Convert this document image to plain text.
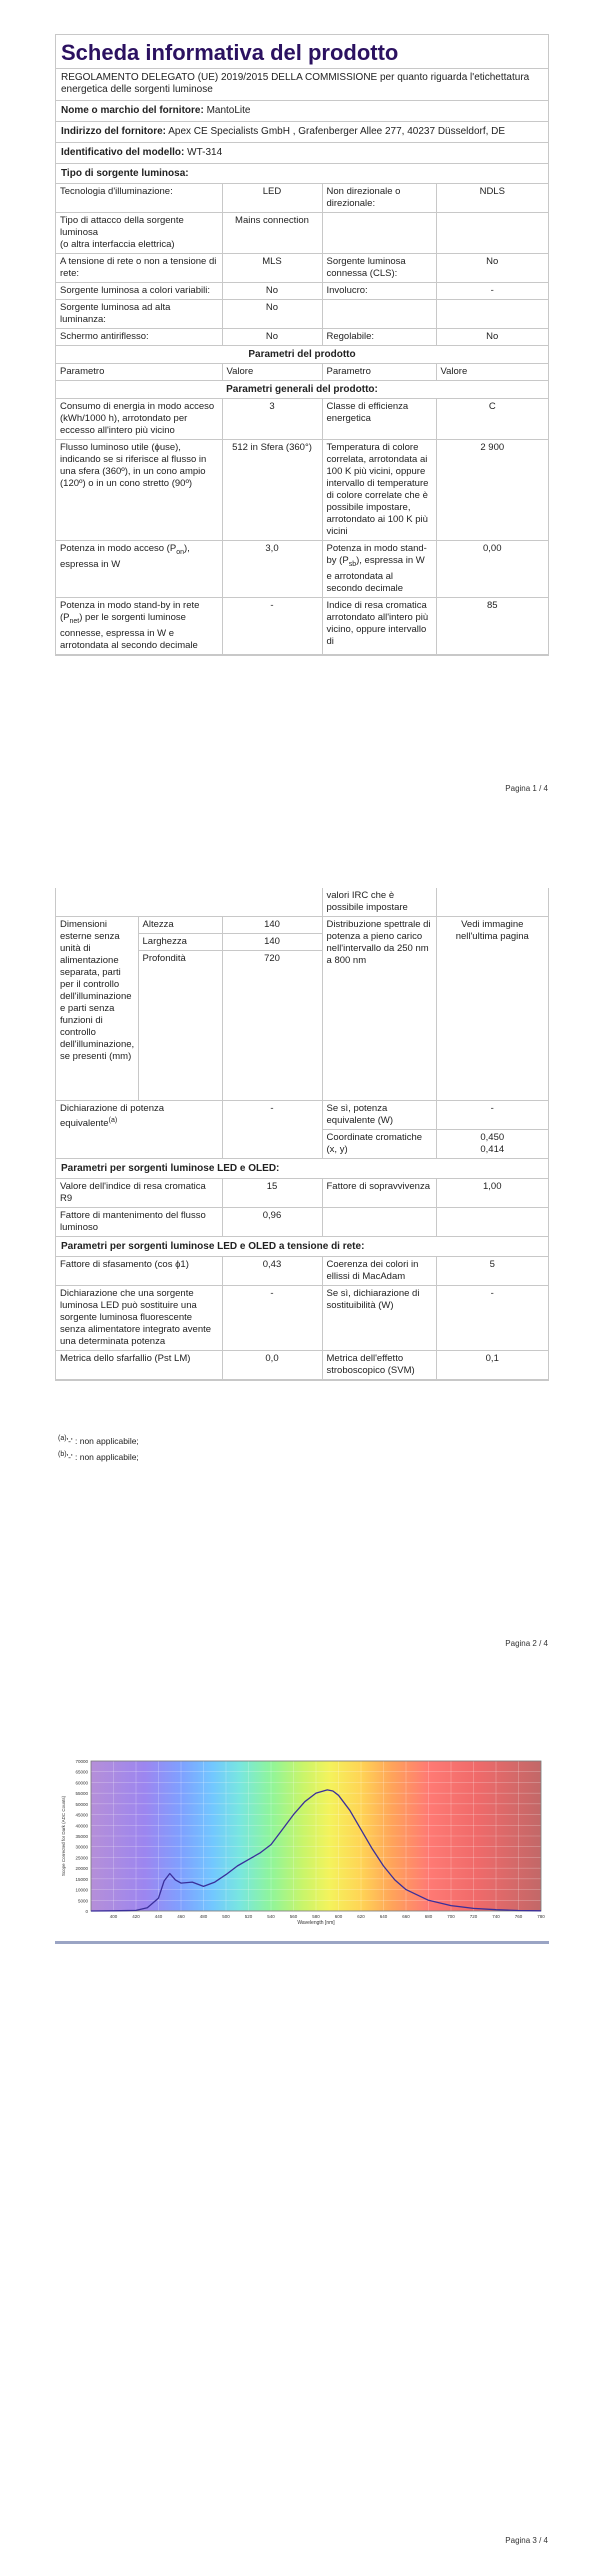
Scheda informativa del prodotto
REGOLAMENTO DELEGATO (UE) 2019/2015 DELLA COMMISSIONE per quanto riguarda l'etichettatura energetica delle sorgenti luminose
Nome o marchio del fornitore: MantoLite
Indirizzo del fornitore: Apex CE Specialists GmbH , Grafenberger Allee 277, 40237 Düsseldorf, DE
Identificativo del modello: WT-314
Tipo di sorgente luminosa:
Tecnologia d'illuminazione:	LED	Non direzionale o direzionale:	NDLS
Tipo di attacco della sorgente luminosa
(o altra interfaccia elettrica)	Mains connection		
A tensione di rete o non a tensione di rete:	MLS	Sorgente luminosa connessa (CLS):	No
Sorgente luminosa a colori variabili:	No	Involucro:	-
Sorgente luminosa ad alta luminanza:	No		
Schermo antiriflesso:	No	Regolabile:	No
Parametri del prodotto
Parametro	Valore	Parametro	Valore
Parametri generali del prodotto:
Consumo di energia in modo acceso (kWh/1000 h), arrotondato per eccesso all'intero più vicino	3	Classe di efficienza energetica	C
Flusso luminoso utile (ϕuse), indicando se si riferisce al flusso in una sfera (360º), in un cono ampio (120º) o in un cono stretto (90º)	512 in Sfera (360°)	Temperatura di colore correlata, arrotondata ai 100 K più vicini, oppure intervallo di temperature di colore correlate che è possibile impostare, arrotondato ai 100 K più vicini	2 900
Potenza in modo acceso $(P_{on})$, espressa in W	3,0	Potenza in modo stand-by $(P_{sb})$, espressa in W e arrotondata al secondo decimale	0,00
Potenza in modo stand-by in rete $(P_{net})$ per le sorgenti luminose connesse, espressa in W e arrotondata al secondo decimale	-	Indice di resa cromatica arrotondato all'intero più vicino, oppure intervallo di	85
Pagina 1 / 4
			valori IRC che è possibile impostare	
Dimensioni esterne senza unità di alimentazione separata, parti per il controllo dell'illuminazione e parti senza funzioni di controllo dell'illuminazione, se presenti (mm)	Altezza	140	Distribuzione spettrale di potenza a pieno carico nell'intervallo da 250 nm a 800 nm	Vedi immagine nell'ultima pagina
	Larghezza	140		
	Profondità	720		
Dichiarazione di potenza equivalente$^{(a)}$		-	Se sì, potenza equivalente (W)	-
			Coordinate cromatiche (x, y)	0,450
0,414
Parametri per sorgenti luminose LED e OLED:
Valore dell'indice di resa cromatica R9	15	Fattore di sopravvivenza	1,00
Fattore di mantenimento del flusso luminoso	0,96		
Parametri per sorgenti luminose LED e OLED a tensione di rete:
Fattore di sfasamento (cos ϕ1)	0,43	Coerenza dei colori in ellissi di MacAdam	5
Dichiarazione che una sorgente luminosa LED può sostituire una sorgente luminosa fluorescente senza alimentatore integrato avente una determinata potenza	-	Se sì, dichiarazione di sostituibilità (W)	-
Metrica dello sfarfallio (Pst LM)	0,0	Metrica dell'effetto stroboscopico (SVM)	0,1
$^{(a)}$'-' : non applicabile;
$^{(b)}$'-' : non applicabile;
Pagina 2 / 4
0
5000
10000
15000
20000
25000
30000
35000
40000
45000
50000
55000
60000
65000
70000
400	420	440	460	480	500	520	540	560	580	600	620	640	660	680	700	720	740	760	780
Wavelength [nm]
Scope Corrected for Dark (ADC Counts)
Pagina 3 / 4
